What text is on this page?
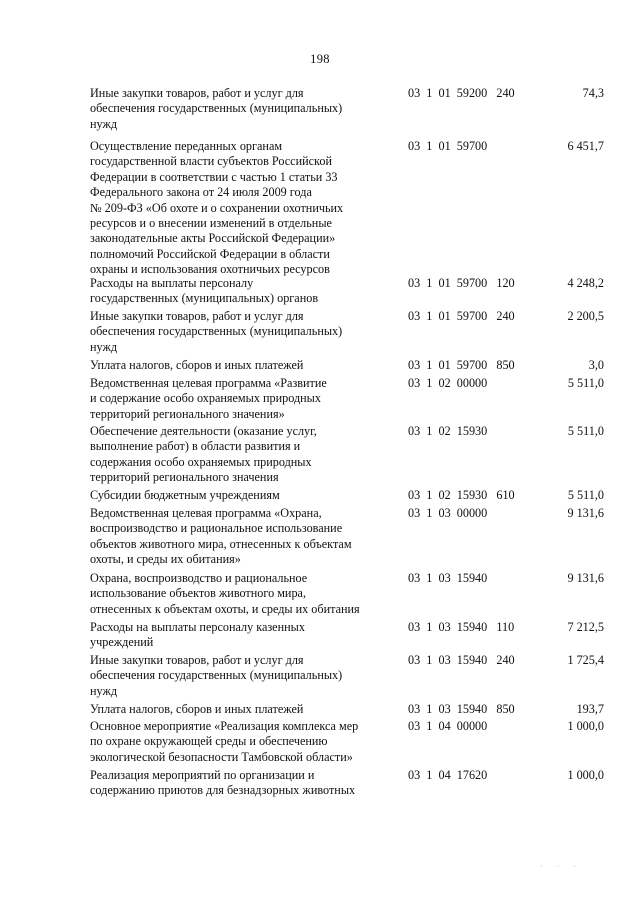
198
Иные закупки товаров, работ и услуг для
обеспечения государственных (муниципальных)
нужд
03  1  01  59200   240	74,3
Осуществление переданных органам
государственной власти субъектов Российской
Федерации в соответствии с частью 1 статьи 33
Федерального закона от 24 июля 2009 года
№ 209-ФЗ «Об охоте и о сохранении охотничьих
ресурсов и о внесении изменений в отдельные
законодательные акты Российской Федерации»
полномочий Российской Федерации в области
охраны и использования охотничьих ресурсов
03  1  01  59700	6 451,7
Расходы на выплаты персоналу
государственных (муниципальных) органов
03  1  01  59700   120	4 248,2
Иные закупки товаров, работ и услуг для
обеспечения государственных (муниципальных)
нужд
03  1  01  59700   240	2 200,5
Уплата налогов, сборов и иных платежей	03  1  01  59700   850	3,0
Ведомственная целевая программа «Развитие
и содержание особо охраняемых природных
территорий регионального значения»
03  1  02  00000	5 511,0
Обеспечение деятельности (оказание услуг,
выполнение работ) в области развития и
содержания особо охраняемых природных
территорий регионального значения
03  1  02  15930	5 511,0
Субсидии бюджетным учреждениям	03  1  02  15930   610	5 511,0
Ведомственная целевая программа «Охрана,
воспроизводство и рациональное использование
объектов животного мира, отнесенных к объектам
охоты, и среды их обитания»
03  1  03  00000	9 131,6
Охрана, воспроизводство и рациональное
использование объектов животного мира,
отнесенных к объектам охоты, и среды их обитания
03  1  03  15940	9 131,6
Расходы на выплаты персоналу казенных
учреждений
03  1  03  15940   110	7 212,5
Иные закупки товаров, работ и услуг для
обеспечения государственных (муниципальных)
нужд
03  1  03  15940   240	1 725,4
Уплата налогов, сборов и иных платежей	03  1  03  15940   850	193,7
Основное мероприятие «Реализация комплекса мер
по охране окружающей среды и обеспечению
экологической безопасности Тамбовской области»
03  1  04  00000	1 000,0
Реализация мероприятий по организации и
содержанию приютов для безнадзорных животных
03  1  04  17620	1 000,0
· · ·
